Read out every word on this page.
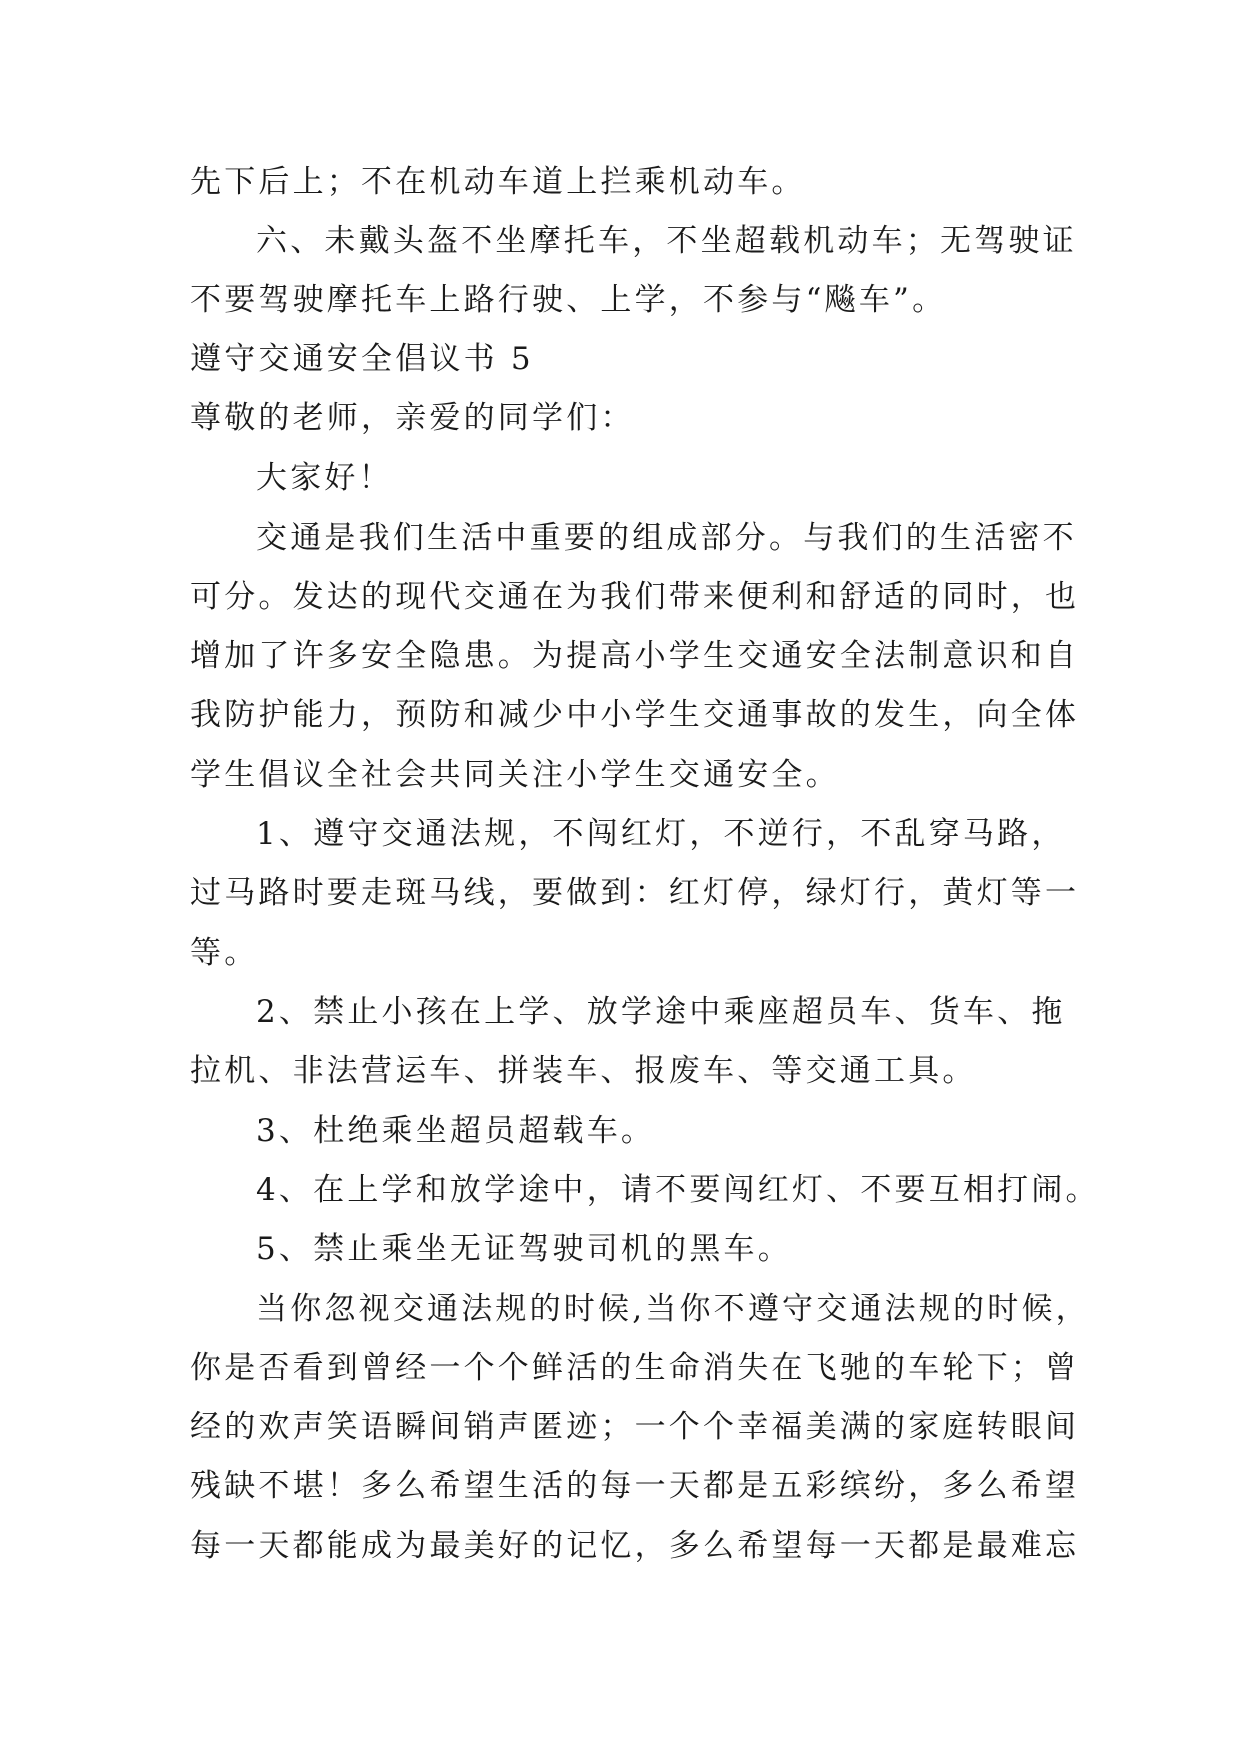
先下后上；不在机动车道上拦乘机动车。
六、未戴头盔不坐摩托车，不坐超载机动车；无驾驶证
不要驾驶摩托车上路行驶、上学，不参与“飚车”。
遵守交通安全倡议书 5
尊敬的老师，亲爱的同学们：
大家好！
交通是我们生活中重要的组成部分。与我们的生活密不
可分。发达的现代交通在为我们带来便利和舒适的同时，也
增加了许多安全隐患。为提高小学生交通安全法制意识和自
我防护能力，预防和减少中小学生交通事故的发生，向全体
学生倡议全社会共同关注小学生交通安全。
1、遵守交通法规，不闯红灯，不逆行，不乱穿马路，
过马路时要走斑马线，要做到：红灯停，绿灯行，黄灯等一
等。
2、禁止小孩在上学、放学途中乘座超员车、货车、拖
拉机、非法营运车、拼装车、报废车、等交通工具。
3、杜绝乘坐超员超载车。
4、在上学和放学途中，请不要闯红灯、不要互相打闹。
5、禁止乘坐无证驾驶司机的黑车。
当你忽视交通法规的时候,当你不遵守交通法规的时候，
你是否看到曾经一个个鲜活的生命消失在飞驰的车轮下；曾
经的欢声笑语瞬间销声匿迹；一个个幸福美满的家庭转眼间
残缺不堪！多么希望生活的每一天都是五彩缤纷，多么希望
每一天都能成为最美好的记忆，多么希望每一天都是最难忘
